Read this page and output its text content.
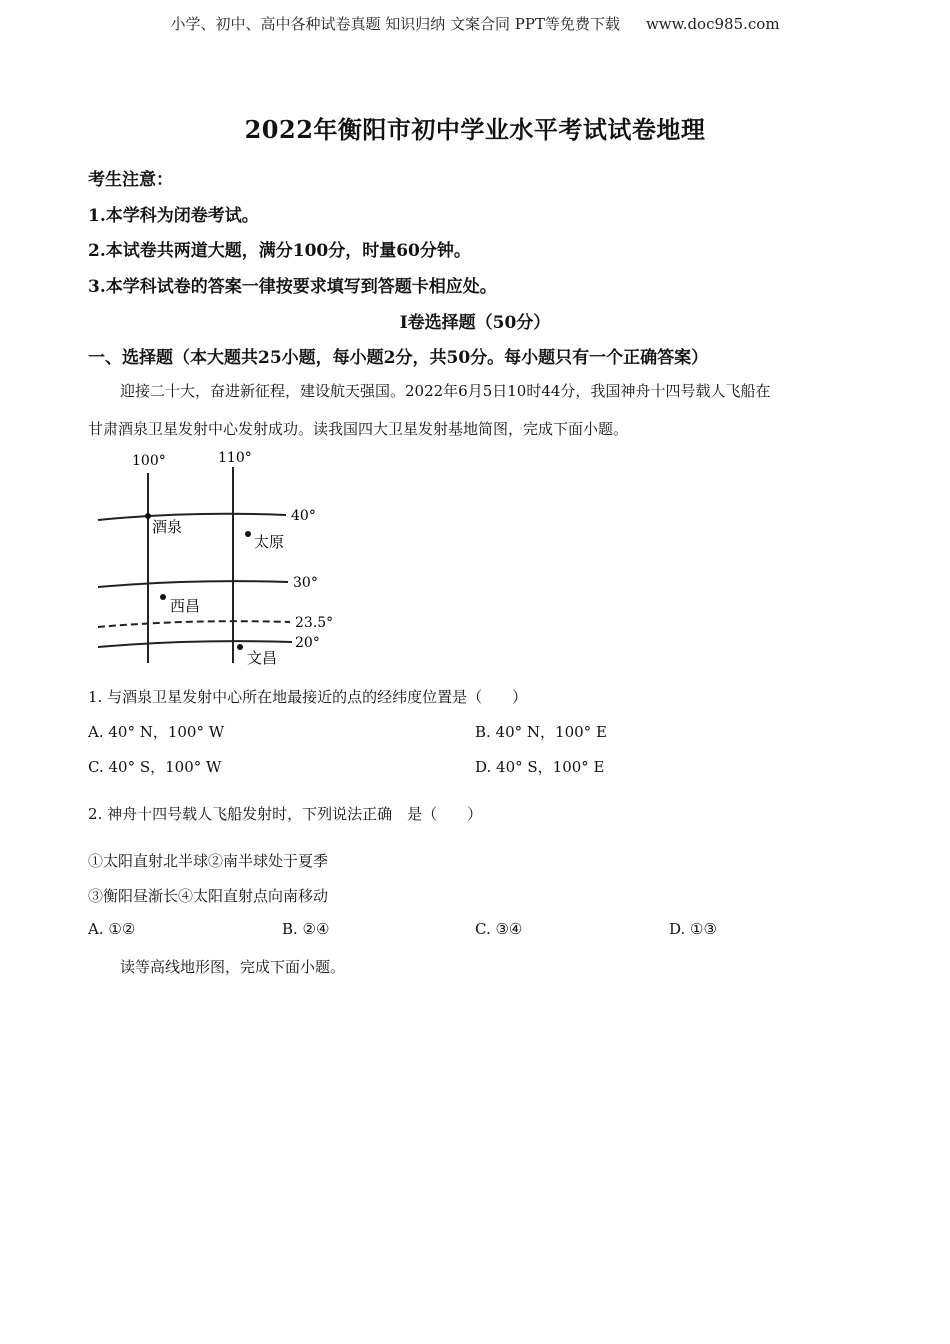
小学、初中、高中各种试卷真题 知识归纳 文案合同 PPT等免费下载 www.doc985.com
2022年衡阳市初中学业水平考试试卷地理
考生注意：
1.本学科为闭卷考试。
2.本试卷共两道大题，满分100分，时量60分钟。
3.本学科试卷的答案一律按要求填写到答题卡相应处。
Ⅰ卷选择题（50分）
一、选择题（本大题共25小题，每小题2分，共50分。每小题只有一个正确答案）
迎接二十大，奋进新征程，建设航天强国。2022年6月5日10时44分，我国神舟十四号载人飞船在
甘肃酒泉卫星发射中心发射成功。读我国四大卫星发射基地简图，完成下面小题。
100°	110°
40°
30°
23.5°
20°
酒泉
太原
西昌
文昌
1. 与酒泉卫星发射中心所在地最接近的点的经纬度位置是（　　）
A. 40° N，100° W	B. 40° N，100° E
C. 40° S，100° W	D. 40° S，100° E
2. 神舟十四号载人飞船发射时，下列说法正确　是（　　）
①太阳直射北半球②南半球处于夏季
③衡阳昼渐长④太阳直射点向南移动
A. ①②	B. ②④	C. ③④	D. ①③
读等高线地形图，完成下面小题。
